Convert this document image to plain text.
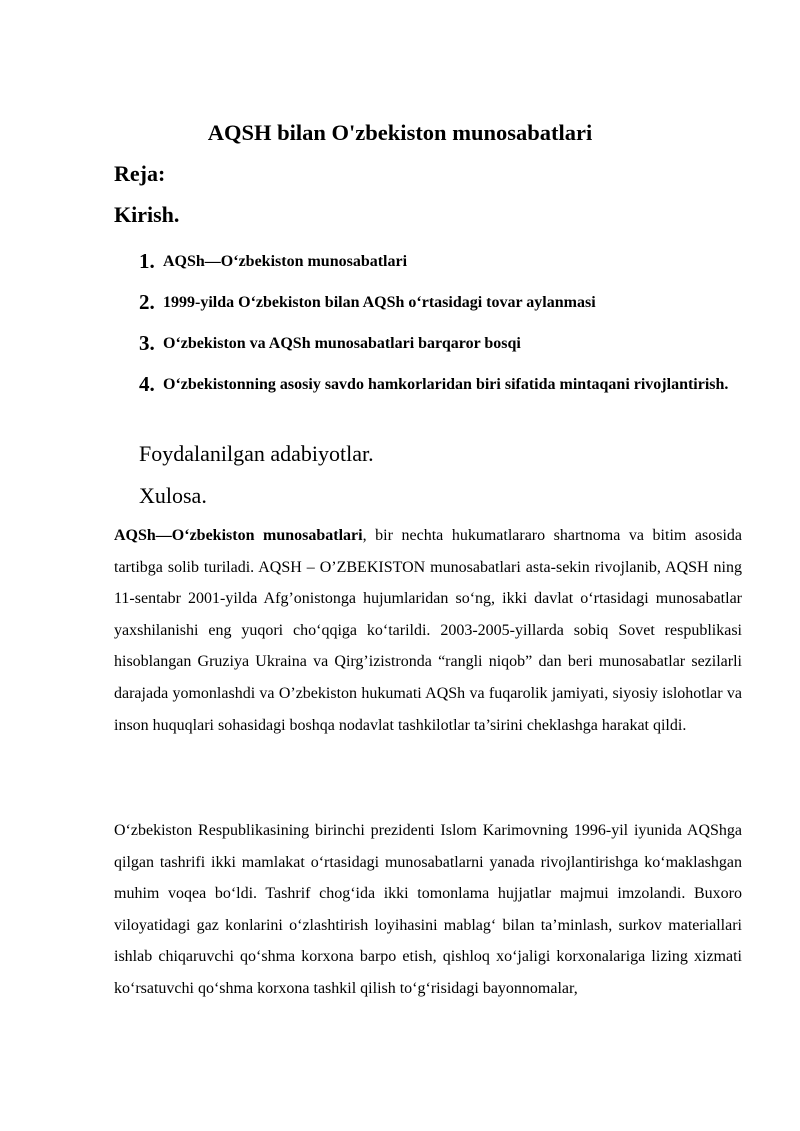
AQSH bilan O'zbekiston munosabatlari
Reja:
Kirish.
1. AQSh—O‘zbekiston munosabatlari
2. 1999-yilda O‘zbekiston bilan AQSh o‘rtasidagi tovar aylanmasi
3. O‘zbekiston va AQSh munosabatlari barqaror bosqi
4. O‘zbekistonning asosiy savdo hamkorlaridan biri sifatida mintaqani rivojlantirish.
Foydalanilgan adabiyotlar.
Xulosa.

AQSh—O‘zbekiston munosabatlari, bir nechta hukumatlararo shartnoma va bitim asosida tartibga solib turiladi. AQSH – O’ZBEKISTON munosabatlari asta-sekin rivojlanib, AQSH ning 11-sentabr 2001-yilda Afg’onistonga hujumlaridan so‘ng, ikki davlat o‘rtasidagi munosabatlar yaxshilanishi eng yuqori cho‘qqiga ko‘tarildi. 2003-2005-yillarda sobiq Sovet respublikasi hisoblangan Gruziya Ukraina va Qirg’izistronda “rangli niqob” dan beri munosabatlar sezilarli darajada yomonlashdi va O’zbekiston hukumati AQSh va fuqarolik jamiyati, siyosiy islohotlar va inson huquqlari sohasidagi boshqa nodavlat tashkilotlar ta’sirini cheklashga harakat qildi.

O‘zbekiston Respublikasining birinchi prezidenti Islom Karimovning 1996-yil iyunida AQShga qilgan tashrifi ikki mamlakat o‘rtasidagi munosabatlarni yanada rivojlantirishga ko‘maklashgan muhim voqea bo‘ldi. Tashrif chog‘ida ikki tomonlama hujjatlar majmui imzolandi. Buxoro viloyatidagi gaz konlarini o‘zlashtirish loyihasini mablag‘ bilan ta’minlash, surkov materiallari ishlab chiqaruvchi qo‘shma korxona barpo etish, qishloq xo‘jaligi korxonalariga lizing xizmati ko‘rsatuvchi qo‘shma korxona tashkil qilish to‘g‘risidagi bayonnomalar,
